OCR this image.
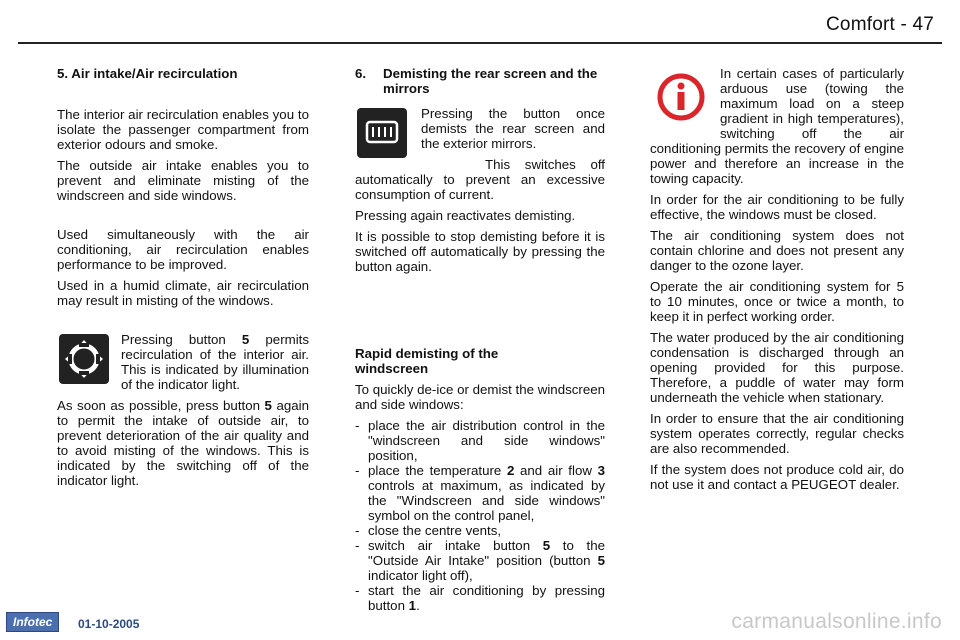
Comfort - 47
5. Air intake/Air recirculation

The interior air recirculation enables you to isolate the passenger compartment from exterior odours and smoke.

The outside air intake enables you to prevent and eliminate misting of the windscreen and side windows.

Used simultaneously with the air conditioning, air recirculation enables performance to be improved.

Used in a humid climate, air recirculation may result in misting of the windows.

Pressing button 5 permits recirculation of the interior air. This is indicated by illumination of the indicator light.

As soon as possible, press button 5 again to permit the intake of outside air, to prevent deterioration of the air quality and to avoid misting of the windows. This is indicated by the switching off of the indicator light.

6.	Demisting the rear screen and the mirrors

Pressing the button once demists the rear screen and the exterior mirrors.

This switches off automatically to prevent an excessive consumption of current.

Pressing again reactivates demisting.

It is possible to stop demisting before it is switched off automatically by pressing the button again.

Rapid demisting of the windscreen

To quickly de-ice or demist the windscreen and side windows:

- place the air distribution control in the "windscreen and side windows" position,
- place the temperature 2 and air flow 3 controls at maximum, as indicated by the "Windscreen and side windows" symbol on the control panel,
- close the centre vents,
- switch air intake button 5 to the "Outside Air Intake" position (button 5 indicator light off),
- start the air conditioning by pressing button 1.

In certain cases of particularly arduous use (towing the maximum load on a steep gradient in high temperatures), switching off the air conditioning permits the recovery of engine power and therefore an increase in the towing capacity.

In order for the air conditioning to be fully effective, the windows must be closed.

The air conditioning system does not contain chlorine and does not present any danger to the ozone layer.

Operate the air conditioning system for 5 to 10 minutes, once or twice a month, to keep it in perfect working order.

The water produced by the air conditioning condensation is discharged through an opening provided for this purpose. Therefore, a puddle of water may form underneath the vehicle when stationary.

In order to ensure that the air conditioning system operates correctly, regular checks are also recommended.

If the system does not produce cold air, do not use it and contact a PEUGEOT dealer.

Infotec	01-10-2005	carmanualsonline.info
